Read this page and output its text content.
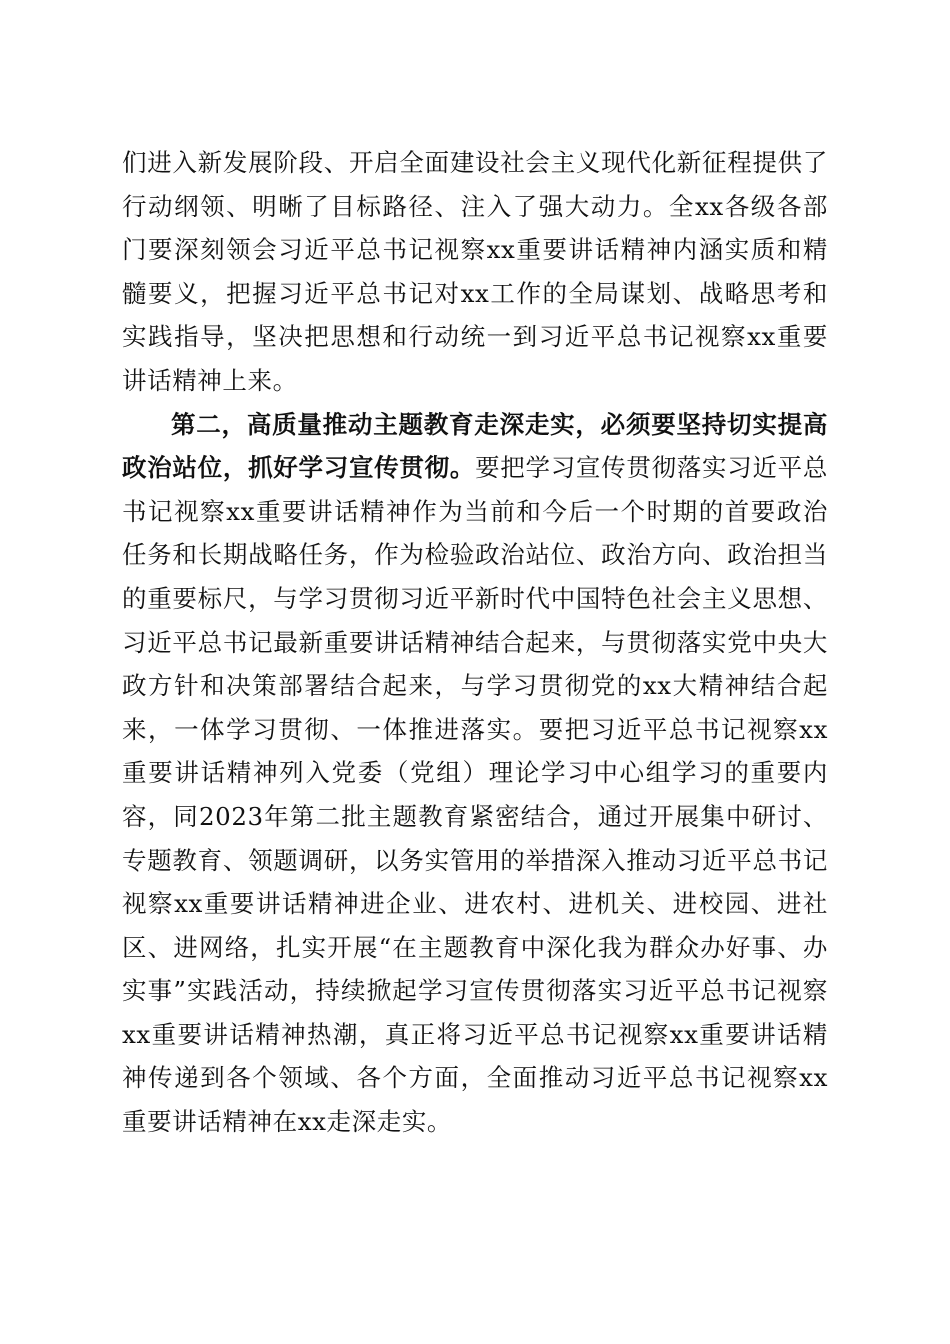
们进入新发展阶段、开启全面建设社会主义现代化新征程提供了行动纲领、明晰了目标路径、注入了强大动力。全xx各级各部门要深刻领会习近平总书记视察xx重要讲话精神内涵实质和精髓要义，把握习近平总书记对xx工作的全局谋划、战略思考和实践指导，坚决把思想和行动统一到习近平总书记视察xx重要讲话精神上来。

第二，高质量推动主题教育走深走实，必须要坚持切实提高政治站位，抓好学习宣传贯彻。要把学习宣传贯彻落实习近平总书记视察xx重要讲话精神作为当前和今后一个时期的首要政治任务和长期战略任务，作为检验政治站位、政治方向、政治担当的重要标尺，与学习贯彻习近平新时代中国特色社会主义思想、习近平总书记最新重要讲话精神结合起来，与贯彻落实党中央大政方针和决策部署结合起来，与学习贯彻党的xx大精神结合起来，一体学习贯彻、一体推进落实。要把习近平总书记视察xx重要讲话精神列入党委（党组）理论学习中心组学习的重要内容，同2023年第二批主题教育紧密结合，通过开展集中研讨、专题教育、领题调研，以务实管用的举措深入推动习近平总书记视察xx重要讲话精神进企业、进农村、进机关、进校园、进社区、进网络，扎实开展“在主题教育中深化我为群众办好事、办实事”实践活动，持续掀起学习宣传贯彻落实习近平总书记视察xx重要讲话精神热潮，真正将习近平总书记视察xx重要讲话精神传递到各个领域、各个方面，全面推动习近平总书记视察xx重要讲话精神在xx走深走实。
